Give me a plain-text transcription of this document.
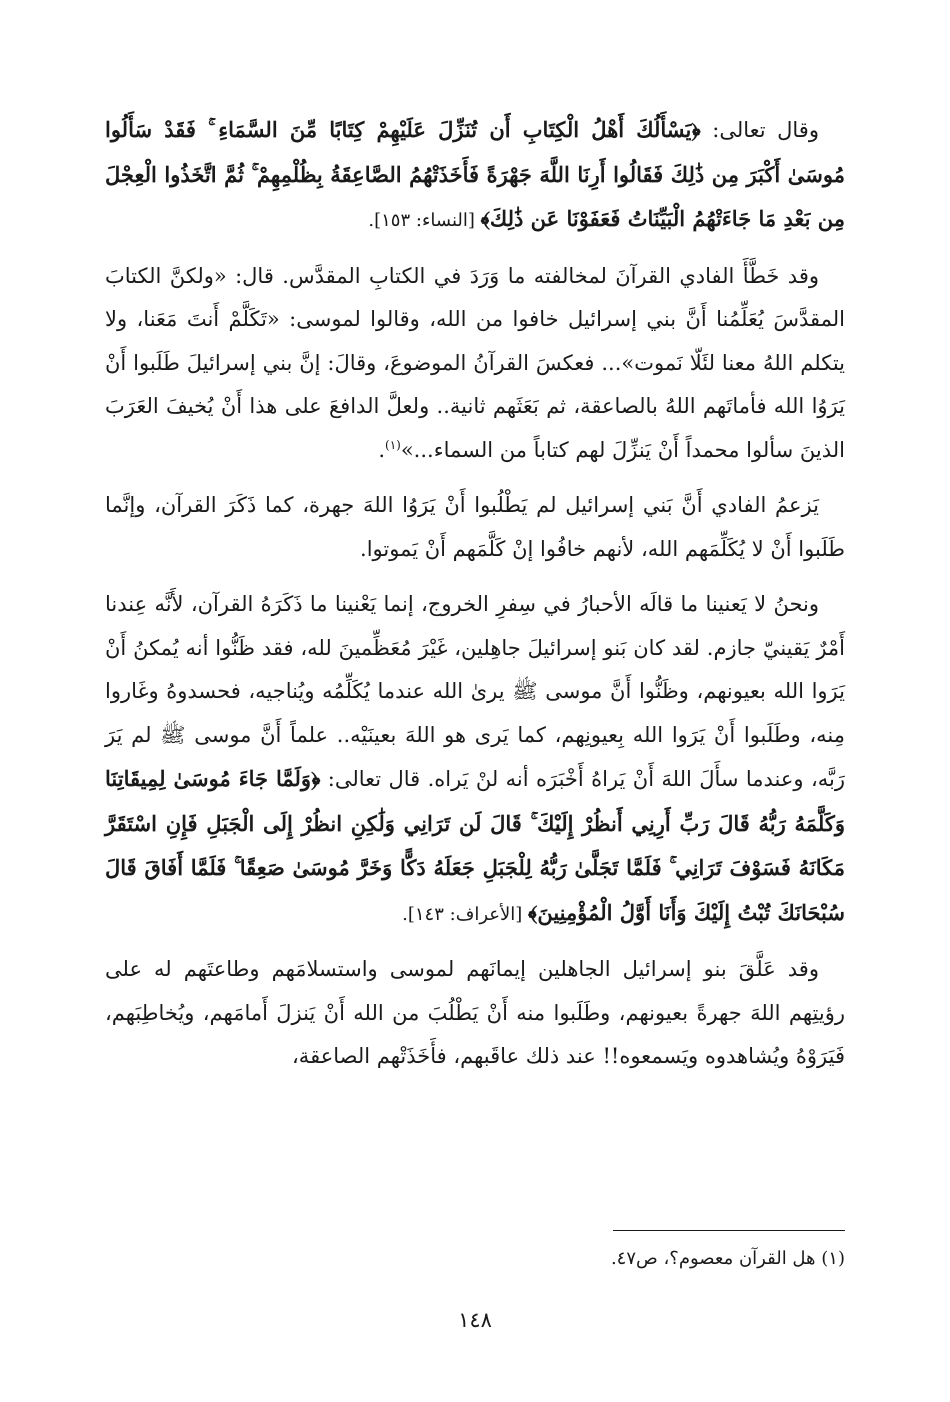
وقال تعالى: ﴿يَسْأَلُكَ أَهْلُ الْكِتَابِ أَن تُنَزِّلَ عَلَيْهِمْ كِتَابًا مِّنَ السَّمَاءِ ۚ فَقَدْ سَأَلُوا مُوسَىٰ أَكْبَرَ مِن ذَٰلِكَ فَقَالُوا أَرِنَا اللَّهَ جَهْرَةً فَأَخَذَتْهُمُ الصَّاعِقَةُ بِظُلْمِهِمْ ۚ ثُمَّ اتَّخَذُوا الْعِجْلَ مِن بَعْدِ مَا جَاءَتْهُمُ الْبَيِّنَاتُ فَعَفَوْنَا عَن ذَٰلِكَ﴾ [النساء: ١٥٣].

وقد خَطَّأَ الفادي القرآنَ لمخالفته ما وَرَدَ في الكتابِ المقدَّس. قال: «ولكنَّ الكتابَ المقدَّسَ يُعَلِّمُنا أَنَّ بني إسرائيل خافوا من الله، وقالوا لموسى: «تَكَلَّمْ أَنتَ مَعَنا، ولا يتكلم اللهُ معنا لئَلّا نَموت»... فعكسَ القرآنُ الموضوعَ، وقالَ: إنَّ بني إسرائيلَ طَلَبوا أَنْ يَرَوُا الله فأماتَهم اللهُ بالصاعقة، ثم بَعَثَهم ثانية.. ولعلَّ الدافعَ على هذا أَنْ يُخيفَ العَرَبَ الذينَ سألوا محمداً أَنْ يَنزِّلَ لهم كتاباً من السماء...»$^{(١)}$.

يَزعمُ الفادي أَنَّ بَني إسرائيل لم يَطْلُبوا أَنْ يَرَوُا اللهَ جهرة، كما ذَكَرَ القرآن، وإنَّما طَلَبوا أَنْ لا يُكَلِّمَهم الله، لأنهم خافُوا إنْ كَلَّمَهم أَنْ يَموتوا.

ونحنُ لا يَعنينا ما قالَه الأحبارُ في سِفرِ الخروج، إنما يَعْنينا ما ذَكَرَهُ القرآن، لأَنَّه عِندنا أَمْرٌ يَقينيّ جازم. لقد كان بَنو إسرائيلَ جاهِلين، غَيْرَ مُعَظِّمينَ لله، فقد ظَنُّوا أنه يُمكنُ أَنْ يَرَوا الله بعيونهم، وظَنُّوا أَنَّ موسى ﷺ يرىٰ الله عندما يُكَلِّمُه ويُناجيه، فحسدوهُ وغَاروا مِنه، وطَلَبوا أَنْ يَرَوا الله بِعيونِهم، كما يَرى هو اللهَ بعينَيْه.. علماً أَنَّ موسى ﷺ لم يَرَ رَبَّه، وعندما سأَلَ اللهَ أَنْ يَراهُ أَخْبَرَه أنه لنْ يَراه. قال تعالى: ﴿وَلَمَّا جَاءَ مُوسَىٰ لِمِيقَاتِنَا وَكَلَّمَهُ رَبُّهُ قَالَ رَبِّ أَرِنِي أَنظُرْ إِلَيْكَ ۚ قَالَ لَن تَرَانِي وَلَٰكِنِ انظُرْ إِلَى الْجَبَلِ فَإِنِ اسْتَقَرَّ مَكَانَهُ فَسَوْفَ تَرَانِي ۚ فَلَمَّا تَجَلَّىٰ رَبُّهُ لِلْجَبَلِ جَعَلَهُ دَكًّا وَخَرَّ مُوسَىٰ صَعِقًا ۚ فَلَمَّا أَفَاقَ قَالَ سُبْحَانَكَ تُبْتُ إِلَيْكَ وَأَنَا أَوَّلُ الْمُؤْمِنِينَ﴾ [الأعراف: ١٤٣].

وقد عَلَّقَ بنو إسرائيل الجاهلين إيمانَهم لموسى واستسلامَهم وطاعتَهم له على رؤيتِهم اللهَ جهرةً بعيونهم، وطَلَبوا منه أَنْ يَطْلُبَ من الله أَنْ يَنزلَ أَمامَهم، ويُخاطِبَهم، فَيَرَوْهُ ويُشاهدوه ويَسمعوه!! عند ذلك عاقَبهم، فأَخَذَتْهم الصاعقة،

(١) هل القرآن معصوم؟، ص٤٧.
١٤٨
